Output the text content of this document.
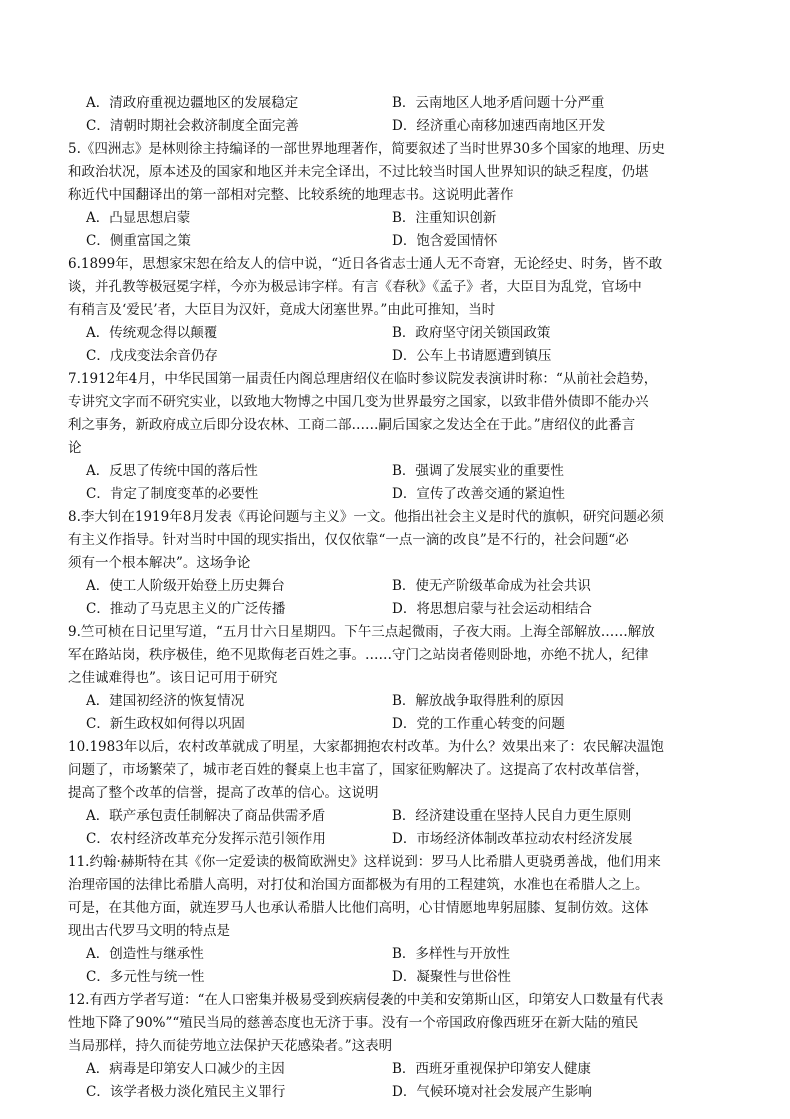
A．清政府重视边疆地区的发展稳定	B．云南地区人地矛盾问题十分严重
C．清朝时期社会救济制度全面完善	D．经济重心南移加速西南地区开发
5.《四洲志》是林则徐主持编译的一部世界地理著作，简要叙述了当时世界30多个国家的地理、历史
和政治状况，原本述及的国家和地区并未完全译出，不过比较当时国人世界知识的缺乏程度，仍堪
称近代中国翻译出的第一部相对完整、比较系统的地理志书。这说明此著作
A．凸显思想启蒙	B．注重知识创新
C．侧重富国之策	D．饱含爱国情怀
6.1899年，思想家宋恕在给友人的信中说，“近日各省志士通人无不奇窘，无论经史、时务，皆不敢
谈，并孔教等极冠冕字样，今亦为极忌讳字样。有言《春秋》《孟子》者，大臣目为乱党，官场中
有稍言及‘爱民’者，大臣目为汉奸，竟成大闭塞世界。”由此可推知，当时
A．传统观念得以颠覆	B．政府坚守闭关锁国政策
C．戊戌变法余音仍存	D．公车上书请愿遭到镇压
7.1912年4月，中华民国第一届责任内阁总理唐绍仪在临时参议院发表演讲时称：“从前社会趋势，
专讲究文字而不研究实业，以致地大物博之中国几变为世界最穷之国家，以致非借外债即不能办兴
利之事务，新政府成立后即分设农林、工商二部……嗣后国家之发达全在于此。”唐绍仪的此番言
论
A．反思了传统中国的落后性	B．强调了发展实业的重要性
C．肯定了制度变革的必要性	D．宣传了改善交通的紧迫性
8.李大钊在1919年8月发表《再论问题与主义》一文。他指出社会主义是时代的旗帜，研究问题必须
有主义作指导。针对当时中国的现实指出，仅仅依靠“一点一滴的改良”是不行的，社会问题“必
须有一个根本解决”。这场争论
A．使工人阶级开始登上历史舞台	B．使无产阶级革命成为社会共识
C．推动了马克思主义的广泛传播	D．将思想启蒙与社会运动相结合
9.竺可桢在日记里写道，“五月廿六日星期四。下午三点起微雨，子夜大雨。上海全部解放……解放
军在路站岗，秩序极佳，绝不见欺侮老百姓之事。……守门之站岗者倦则卧地，亦绝不扰人，纪律
之佳诚难得也”。该日记可用于研究
A．建国初经济的恢复情况	B．解放战争取得胜利的原因
C．新生政权如何得以巩固	D．党的工作重心转变的问题
10.1983年以后，农村改革就成了明星，大家都拥抱农村改革。为什么？效果出来了：农民解决温饱
问题了，市场繁荣了，城市老百姓的餐桌上也丰富了，国家征购解决了。这提高了农村改革信誉，
提高了整个改革的信誉，提高了改革的信心。这说明
A．联产承包责任制解决了商品供需矛盾	B．经济建设重在坚持人民自力更生原则
C．农村经济改革充分发挥示范引领作用	D．市场经济体制改革拉动农村经济发展
11.约翰·赫斯特在其《你一定爱读的极简欧洲史》这样说到：罗马人比希腊人更骁勇善战，他们用来
治理帝国的法律比希腊人高明，对打仗和治国方面都极为有用的工程建筑，水准也在希腊人之上。
可是，在其他方面，就连罗马人也承认希腊人比他们高明，心甘情愿地卑躬屈膝、复制仿效。这体
现出古代罗马文明的特点是
A．创造性与继承性	B．多样性与开放性
C．多元性与统一性	D．凝聚性与世俗性
12.有西方学者写道：“在人口密集并极易受到疾病侵袭的中美和安第斯山区，印第安人口数量有代表
性地下降了90%”“殖民当局的慈善态度也无济于事。没有一个帝国政府像西班牙在新大陆的殖民
当局那样，持久而徒劳地立法保护天花感染者。”这表明
A．病毒是印第安人口减少的主因	B．西班牙重视保护印第安人健康
C．该学者极力淡化殖民主义罪行	D．气候环境对社会发展产生影响
